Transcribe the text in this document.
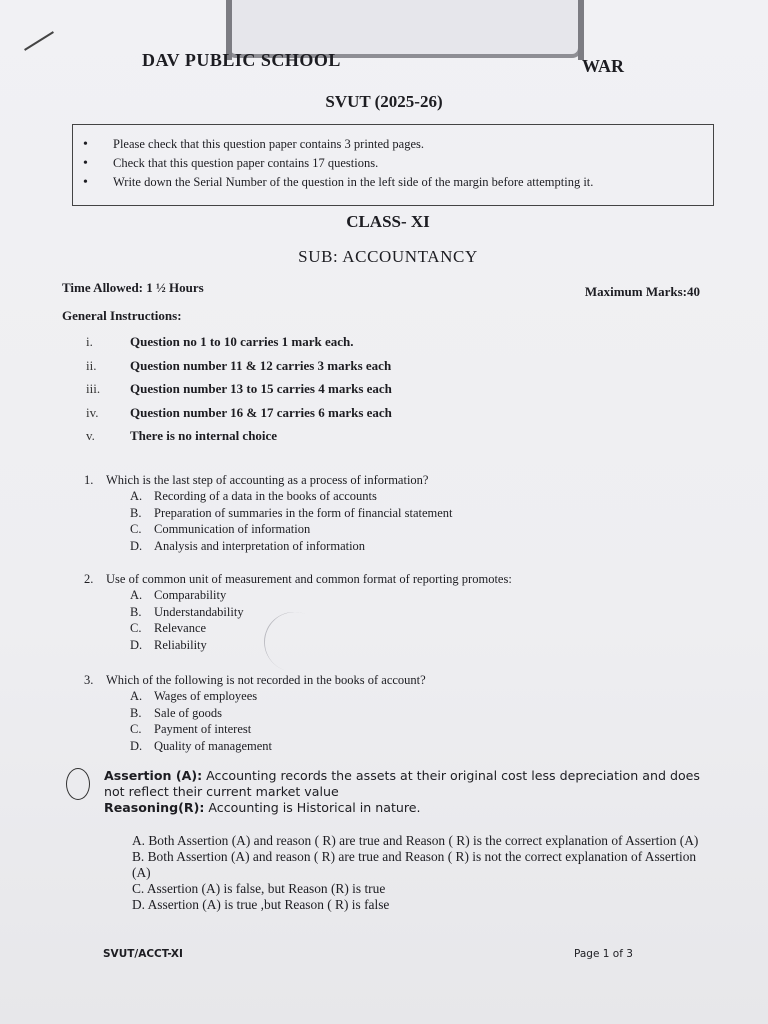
DAV PUBLIC SCHOOL	WAR
SVUT (2025-26)
• Please check that this question paper contains 3 printed pages.
• Check that this question paper contains 17 questions.
• Write down the Serial Number of the question in the left side of the margin before attempting it.
CLASS- XI
SUB: ACCOUNTANCY
Time Allowed: 1 ½ Hours	Maximum Marks:40
General Instructions:
i.	Question no 1 to 10 carries 1 mark each.
ii.	Question number 11 & 12 carries 3 marks each
iii.	Question number 13 to 15 carries 4 marks each
iv.	Question number 16 & 17 carries 6 marks each
v.	There is no internal choice
1.	Which is the last step of accounting as a process of information?
A. Recording of a data in the books of accounts
B.	Preparation of summaries in the form of financial statement
C.	Communication of information
D. Analysis and interpretation of information
2.	Use of common unit of measurement and common format of reporting promotes:
A. Comparability
B.	Understandability
C.	Relevance
D. Reliability
3.	Which of the following is not recorded in the books of account?
A. Wages of employees
B.	Sale of goods
C.	Payment of interest
D. Quality of management
Assertion (A): Accounting records the assets at their original cost less depreciation and does not reflect their current market value
Reasoning(R): Accounting is Historical in nature.
A. Both Assertion (A) and reason ( R) are true and Reason ( R) is the correct explanation of Assertion (A)
B. Both Assertion (A) and reason ( R) are true and Reason ( R) is not the correct explanation of Assertion (A)
C. Assertion (A) is false, but Reason (R) is true
D. Assertion (A) is true ,but Reason ( R) is false
SVUT/ACCT-XI	Page 1 of 3
